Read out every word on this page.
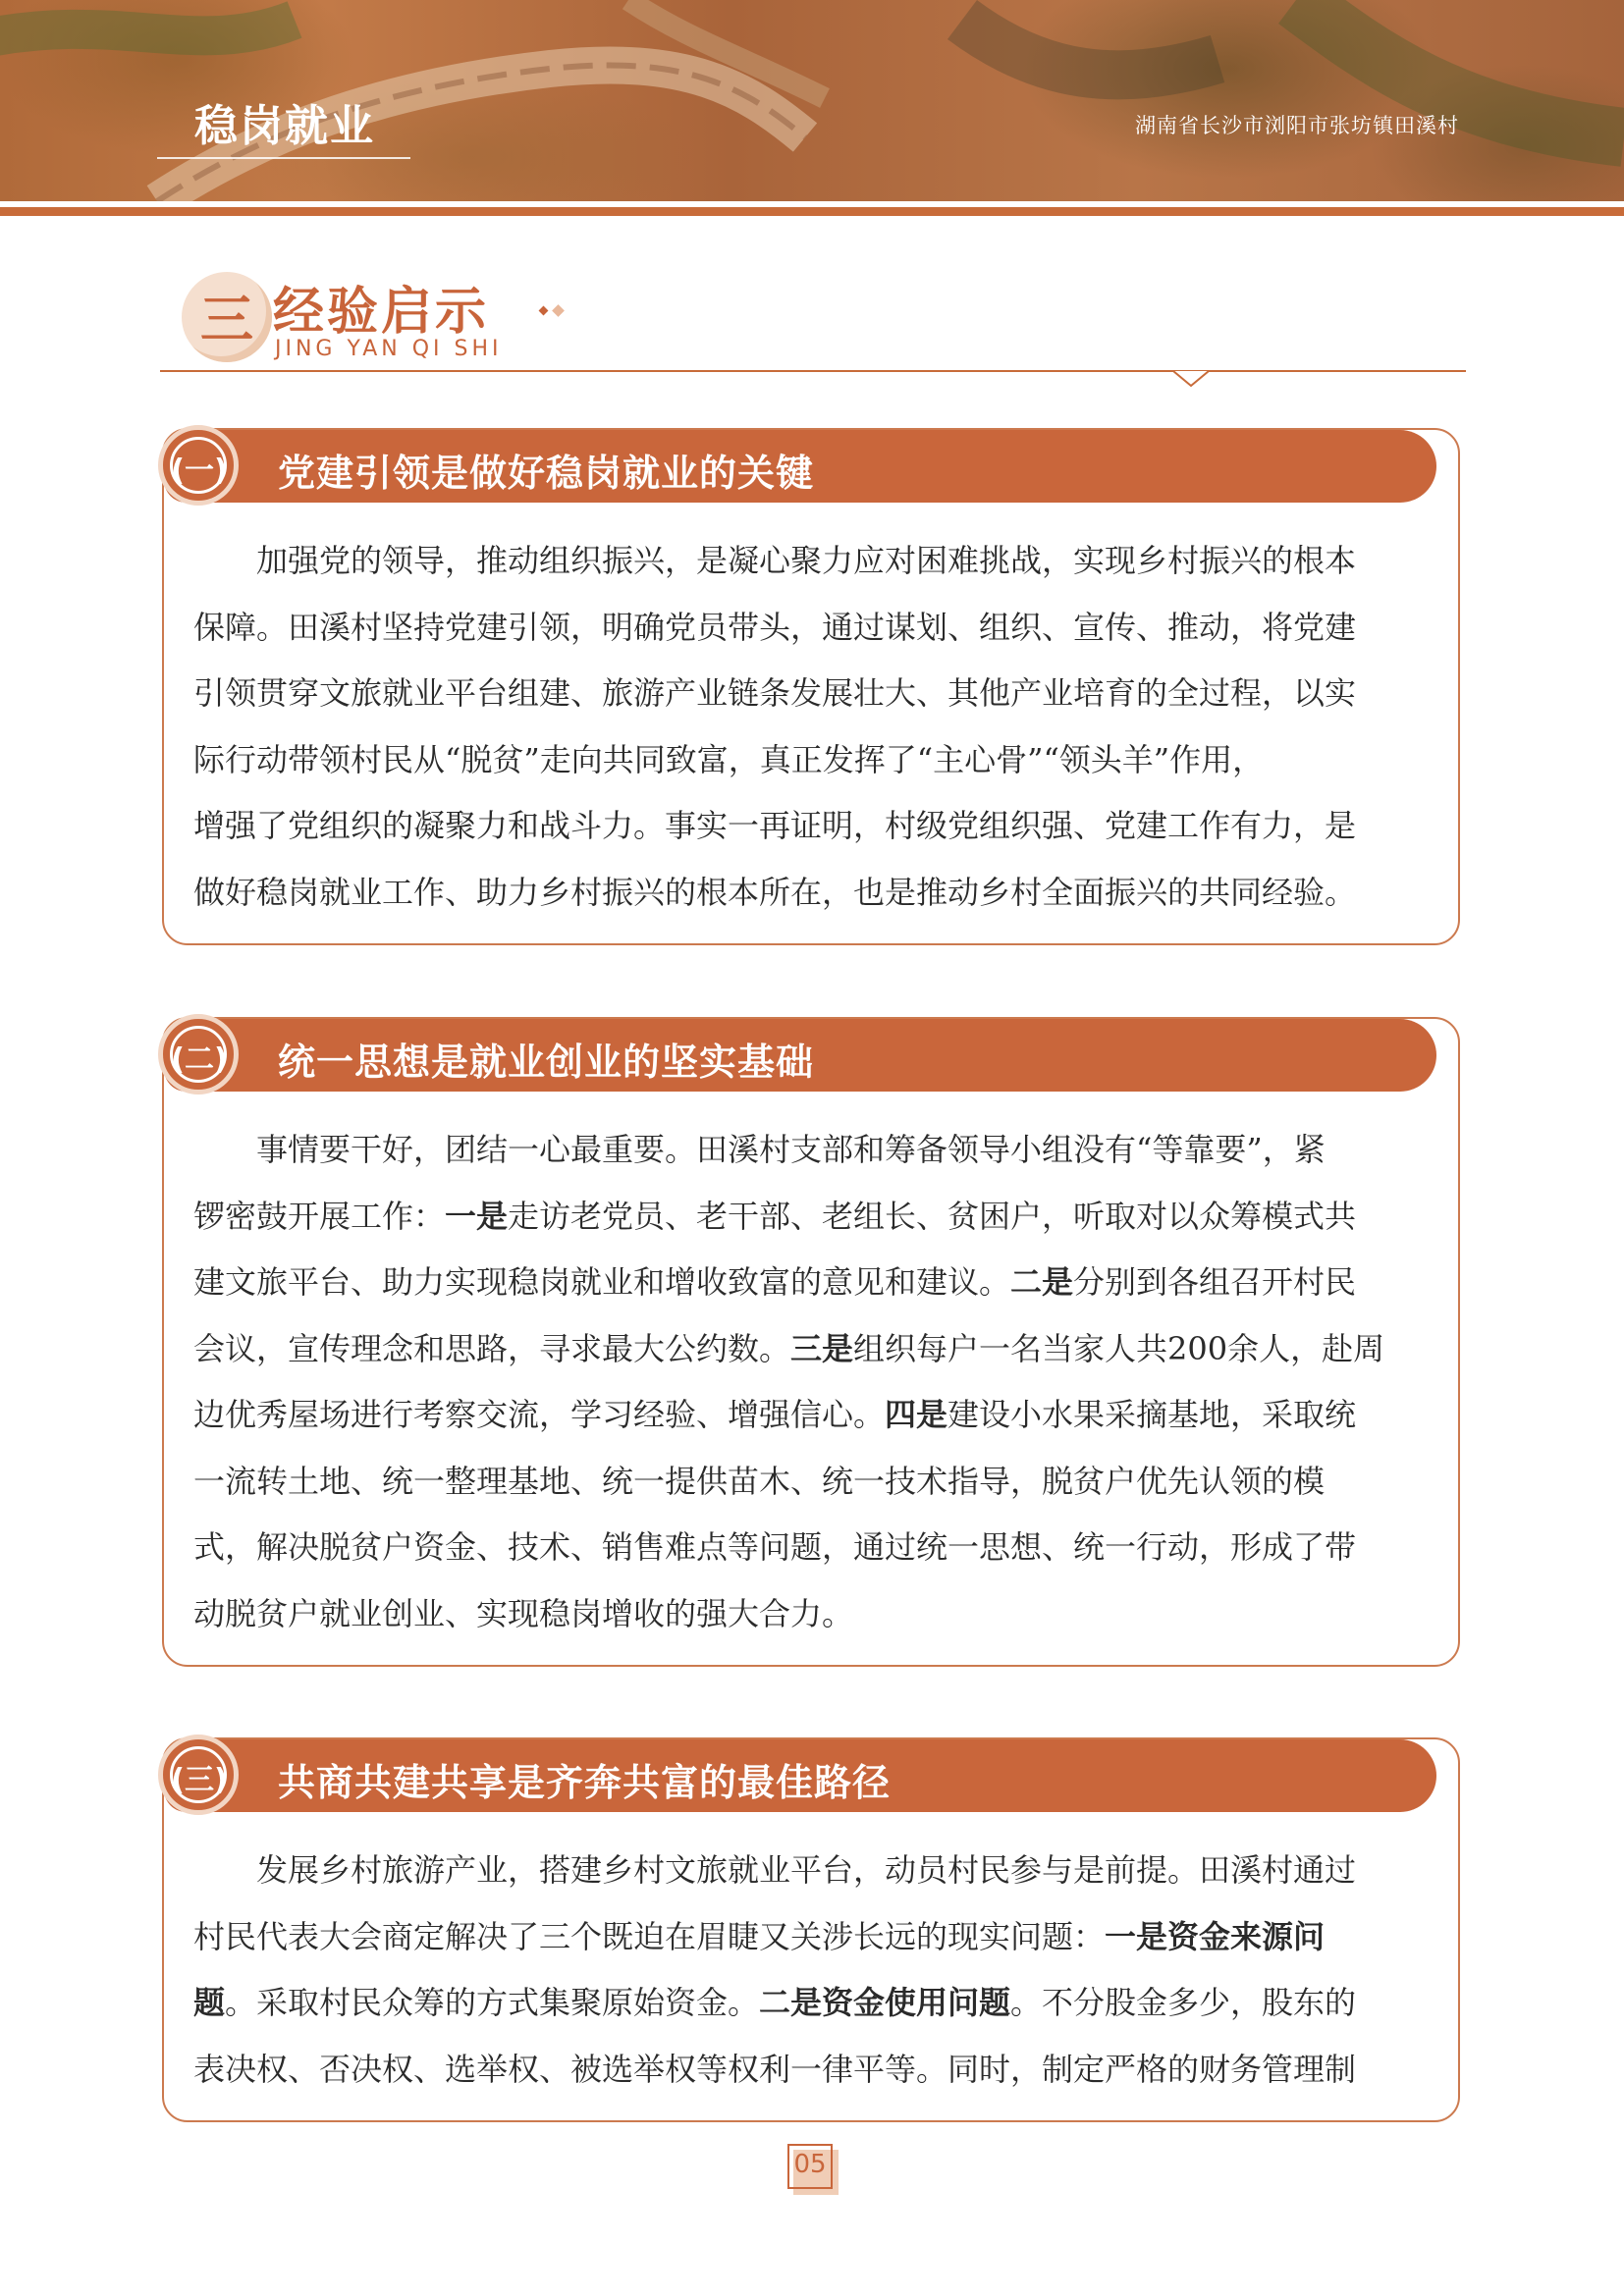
稳岗就业	湖南省长沙市浏阳市张坊镇田溪村
三 经验启示
JING YAN QI SHI
(一) 党建引领是做好稳岗就业的关键
加强党的领导，推动组织振兴，是凝心聚力应对困难挑战，实现乡村振兴的根本
保障。田溪村坚持党建引领，明确党员带头，通过谋划、组织、宣传、推动，将党建
引领贯穿文旅就业平台组建、旅游产业链条发展壮大、其他产业培育的全过程，以实
际行动带领村民从“脱贫”走向共同致富，真正发挥了“主心骨”“领头羊”作用，
增强了党组织的凝聚力和战斗力。事实一再证明，村级党组织强、党建工作有力，是
做好稳岗就业工作、助力乡村振兴的根本所在，也是推动乡村全面振兴的共同经验。
(二) 统一思想是就业创业的坚实基础
事情要干好，团结一心最重要。田溪村支部和筹备领导小组没有“等靠要”，紧
锣密鼓开展工作：一是走访老党员、老干部、老组长、贫困户，听取对以众筹模式共
建文旅平台、助力实现稳岗就业和增收致富的意见和建议。二是分别到各组召开村民
会议，宣传理念和思路，寻求最大公约数。三是组织每户一名当家人共200余人，赴周
边优秀屋场进行考察交流，学习经验、增强信心。四是建设小水果采摘基地，采取统
一流转土地、统一整理基地、统一提供苗木、统一技术指导，脱贫户优先认领的模
式，解决脱贫户资金、技术、销售难点等问题，通过统一思想、统一行动，形成了带
动脱贫户就业创业、实现稳岗增收的强大合力。
(三) 共商共建共享是齐奔共富的最佳路径
发展乡村旅游产业，搭建乡村文旅就业平台，动员村民参与是前提。田溪村通过
村民代表大会商定解决了三个既迫在眉睫又关涉长远的现实问题：一是资金来源问
题。采取村民众筹的方式集聚原始资金。二是资金使用问题。不分股金多少，股东的
表决权、否决权、选举权、被选举权等权利一律平等。同时，制定严格的财务管理制
05
